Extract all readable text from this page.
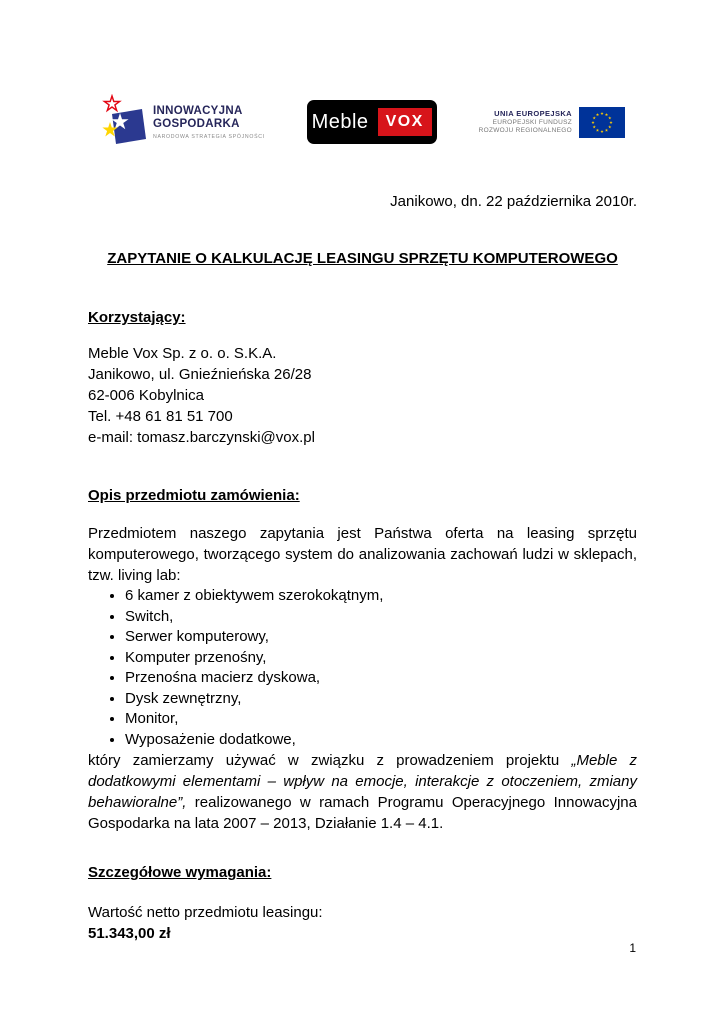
INNOWACYJNA
GOSPODARKA
NARODOWA STRATEGIA SPÓJNOŚCI
Meble	VOX	UNIA EUROPEJSKA
EUROPEJSKI FUNDUSZ
ROZWOJU REGIONALNEGO

Janikowo, dn. 22 października 2010r.

ZAPYTANIE O KALKULACJĘ LEASINGU SPRZĘTU KOMPUTEROWEGO

Korzystający:

Meble Vox Sp. z o. o. S.K.A.

Janikowo, ul. Gnieźnieńska 26/28

62-006 Kobylnica

Tel. +48 61 81 51 700

e-mail: tomasz.barczynski@vox.pl

Opis przedmiotu zamówienia:

Przedmiotem naszego zapytania jest Państwa oferta na leasing sprzętu komputerowego, tworzącego system do analizowania zachowań ludzi w sklepach, tzw. living lab:

• 6 kamer z obiektywem szerokokątnym,
• Switch,
• Serwer komputerowy,
• Komputer przenośny,
• Przenośna macierz dyskowa,
• Dysk zewnętrzny,
• Monitor,
• Wyposażenie dodatkowe,

który zamierzamy używać w związku z prowadzeniem projektu „Meble z dodatkowymi elementami – wpływ na emocje, interakcje z otoczeniem, zmiany behawioralne”, realizowanego w ramach Programu Operacyjnego Innowacyjna Gospodarka na lata 2007 – 2013, Działanie 1.4 – 4.1.

Szczegółowe wymagania:

Wartość netto przedmiotu leasingu:

51.343,00 zł

1
